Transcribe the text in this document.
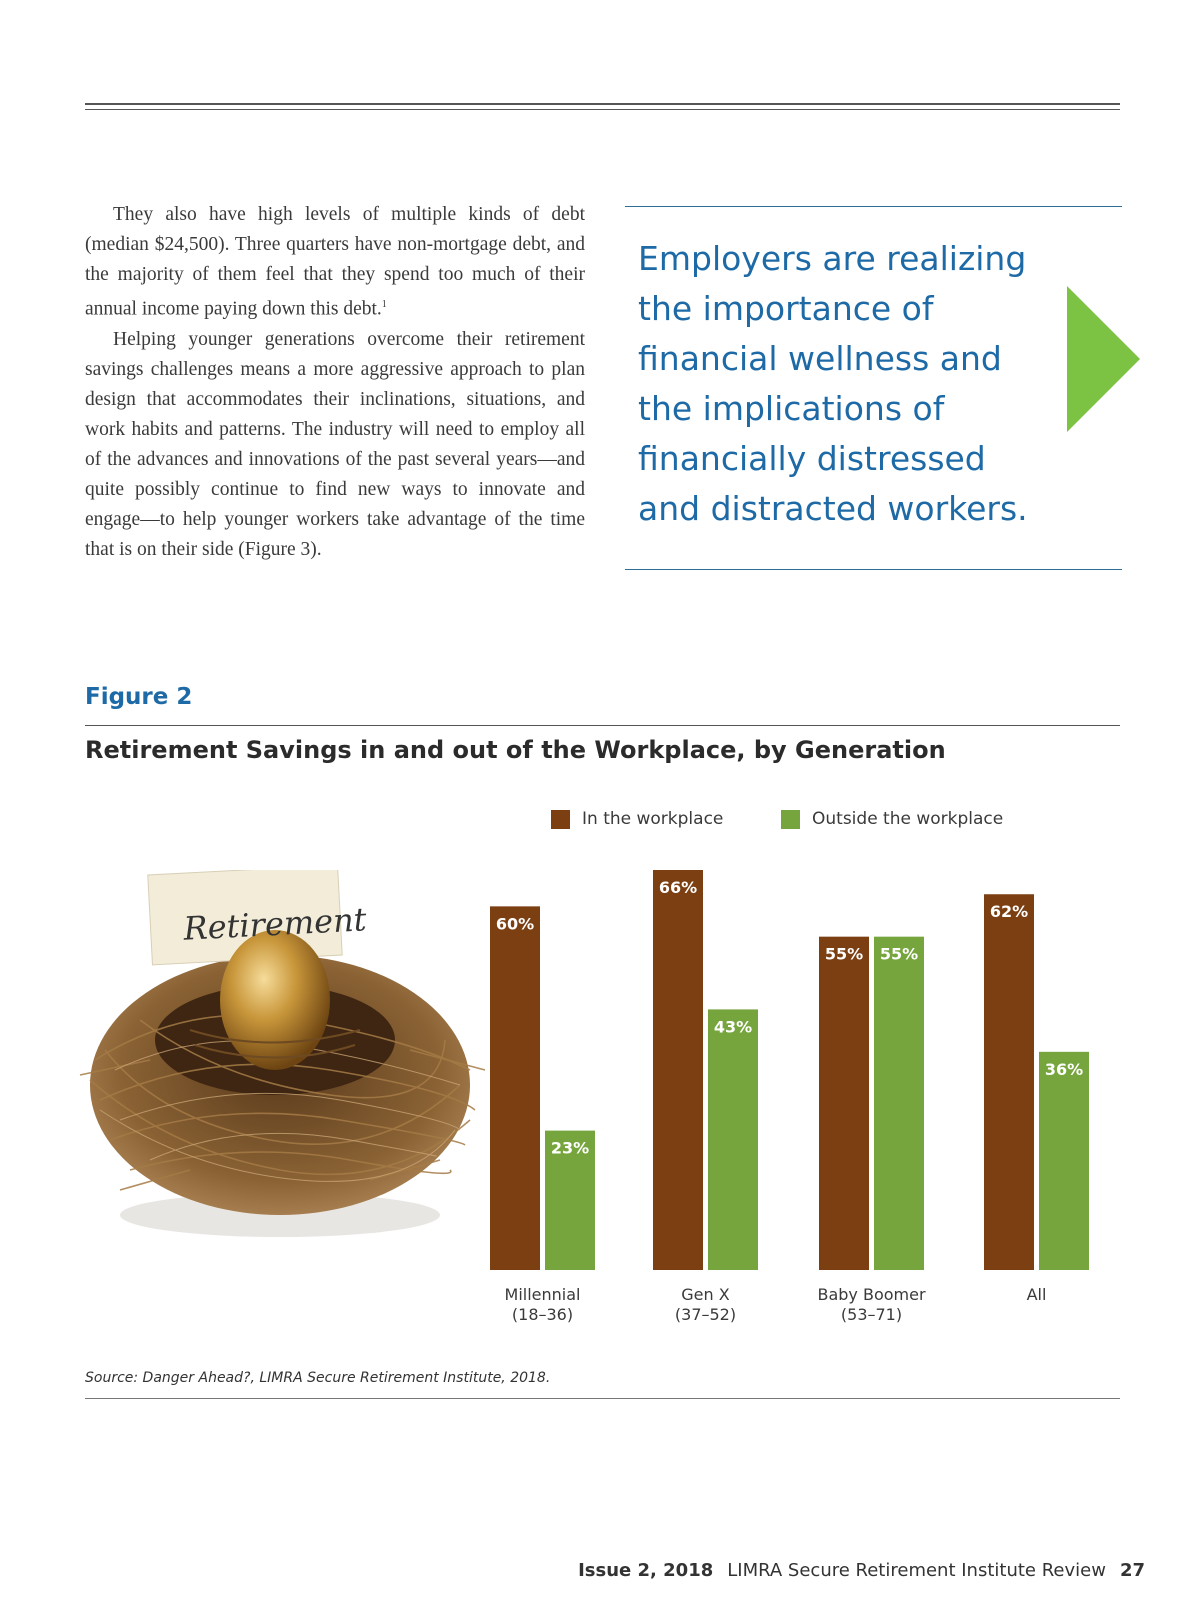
They also have high levels of multiple kinds of debt (median $24,500). Three quarters have non-mortgage debt, and the majority of them feel that they spend too much of their annual income paying down this debt.$^1$

Helping younger generations overcome their retirement savings challenges means a more aggressive approach to plan design that accommodates their inclinations, situations, and work habits and patterns. The industry will need to employ all of the advances and innovations of the past several years—and quite possibly continue to find new ways to innovate and engage—to help younger workers take advantage of the time that is on their side (Figure 3).

Employers are realizing the importance of financial wellness and the implications of financially distressed and distracted workers.
Figure 2
Retirement Savings in and out of the Workplace, by Generation
In the workplace	Outside the workplace
Retirement	60%
23%
Millennial
(18–36)
66%
43%
Gen X
(37–52)
55% 55%
Baby Boomer
(53–71)
62%
36%
All
Source: Danger Ahead?, LIMRA Secure Retirement Institute, 2018.
Issue 2, 2018 LIMRA Secure Retirement Institute Review 27
